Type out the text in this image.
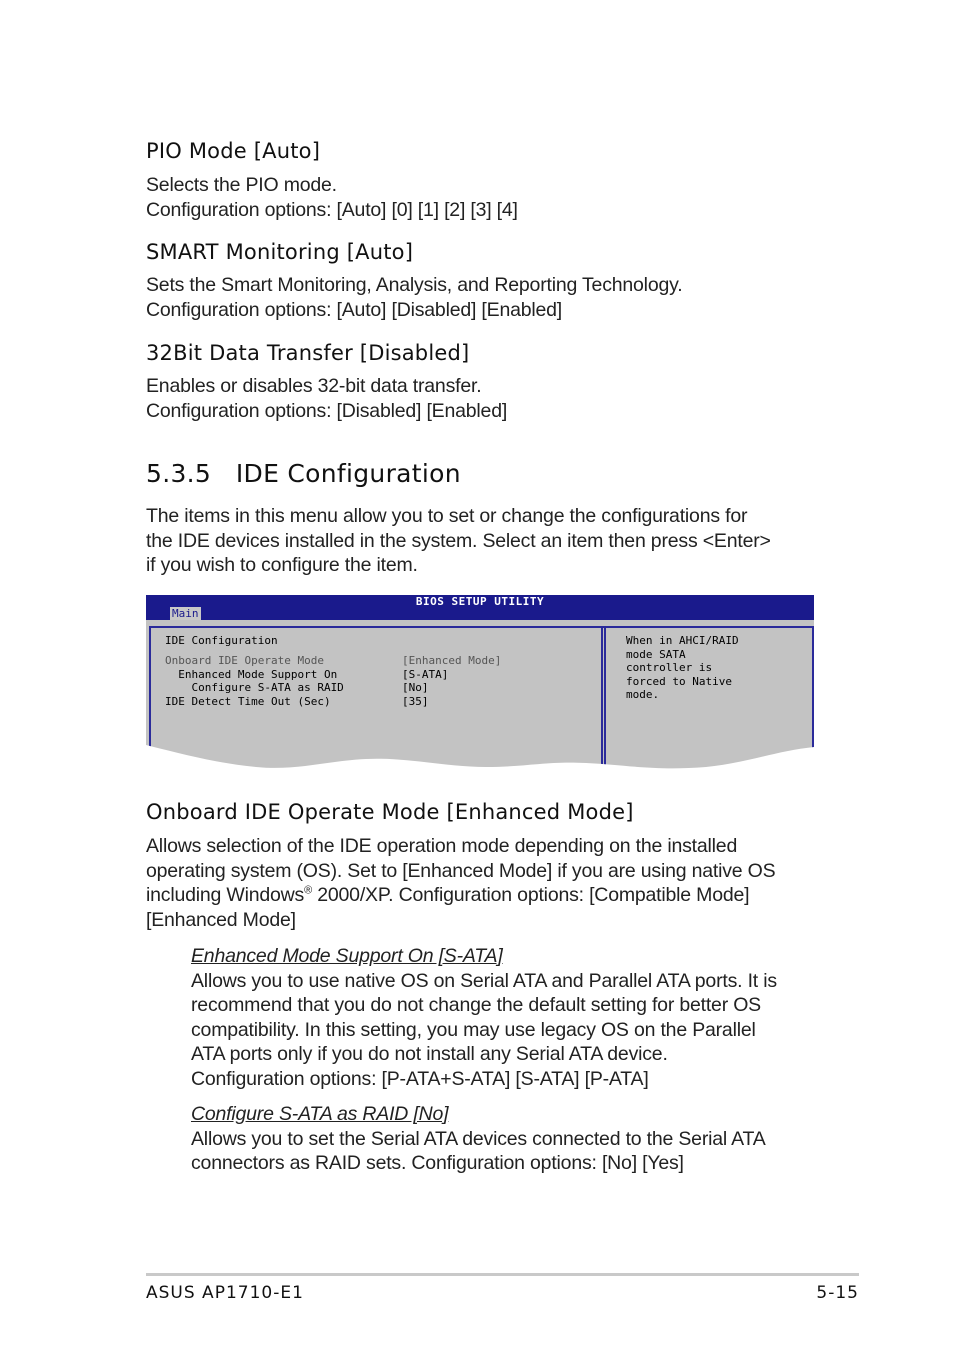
PIO Mode [Auto]
Selects the PIO mode.
Configuration options: [Auto] [0] [1] [2] [3] [4]
SMART Monitoring [Auto]
Sets the Smart Monitoring, Analysis, and Reporting Technology.
Configuration options: [Auto] [Disabled] [Enabled]
32Bit Data Transfer [Disabled]
Enables or disables 32-bit data transfer.
Configuration options: [Disabled] [Enabled]
5.3.5   IDE Configuration
The items in this menu allow you to set or change the configurations for
the IDE devices installed in the system. Select an item then press <Enter>
if you wish to configure the item.
BIOS SETUP UTILITY
Main
IDE Configuration
Onboard IDE Operate Mode	[Enhanced Mode]
Enhanced Mode Support On	[S-ATA]
Configure S-ATA as RAID	[No]
IDE Detect Time Out (Sec)	[35]
When in AHCI/RAID
mode SATA
controller is
forced to Native
mode.
Onboard IDE Operate Mode [Enhanced Mode]
Allows selection of the IDE operation mode depending on the installed
operating system (OS). Set to [Enhanced Mode] if you are using native OS
including Windows® 2000/XP. Configuration options: [Compatible Mode]
[Enhanced Mode]
Enhanced Mode Support On [S-ATA]
Allows you to use native OS on Serial ATA and Parallel ATA ports. It is
recommend that you do not change the default setting for better OS
compatibility. In this setting, you may use legacy OS on the Parallel
ATA ports only if you do not install any Serial ATA device.
Configuration options: [P-ATA+S-ATA] [S-ATA] [P-ATA]
Configure S-ATA as RAID [No]
Allows you to set the Serial ATA devices connected to the Serial ATA
connectors as RAID sets. Configuration options: [No] [Yes]
ASUS AP1710-E1	5-15
